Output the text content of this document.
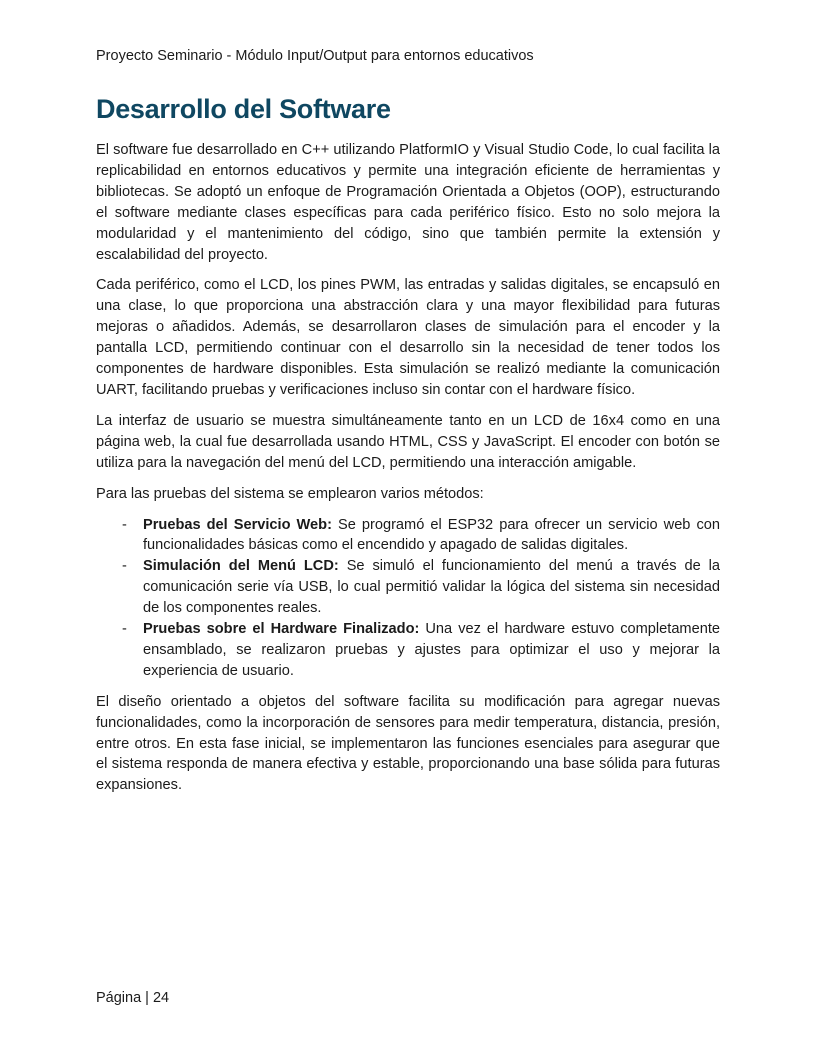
Proyecto Seminario - Módulo Input/Output para entornos educativos
Desarrollo del Software

El software fue desarrollado en C++ utilizando PlatformIO y Visual Studio Code, lo cual facilita la replicabilidad en entornos educativos y permite una integración eficiente de herramientas y bibliotecas. Se adoptó un enfoque de Programación Orientada a Objetos (OOP), estructurando el software mediante clases específicas para cada periférico físico. Esto no solo mejora la modularidad y el mantenimiento del código, sino que también permite la extensión y escalabilidad del proyecto.

Cada periférico, como el LCD, los pines PWM, las entradas y salidas digitales, se encapsuló en una clase, lo que proporciona una abstracción clara y una mayor flexibilidad para futuras mejoras o añadidos. Además, se desarrollaron clases de simulación para el encoder y la pantalla LCD, permitiendo continuar con el desarrollo sin la necesidad de tener todos los componentes de hardware disponibles. Esta simulación se realizó mediante la comunicación UART, facilitando pruebas y verificaciones incluso sin contar con el hardware físico.

La interfaz de usuario se muestra simultáneamente tanto en un LCD de 16x4 como en una página web, la cual fue desarrollada usando HTML, CSS y JavaScript. El encoder con botón se utiliza para la navegación del menú del LCD, permitiendo una interacción amigable.

Para las pruebas del sistema se emplearon varios métodos:

- Pruebas del Servicio Web: Se programó el ESP32 para ofrecer un servicio web con funcionalidades básicas como el encendido y apagado de salidas digitales.
- Simulación del Menú LCD: Se simuló el funcionamiento del menú a través de la comunicación serie vía USB, lo cual permitió validar la lógica del sistema sin necesidad de los componentes reales.
- Pruebas sobre el Hardware Finalizado: Una vez el hardware estuvo completamente ensamblado, se realizaron pruebas y ajustes para optimizar el uso y mejorar la experiencia de usuario.

El diseño orientado a objetos del software facilita su modificación para agregar nuevas funcionalidades, como la incorporación de sensores para medir temperatura, distancia, presión, entre otros. En esta fase inicial, se implementaron las funciones esenciales para asegurar que el sistema responda de manera efectiva y estable, proporcionando una base sólida para futuras expansiones.

Página | 24
